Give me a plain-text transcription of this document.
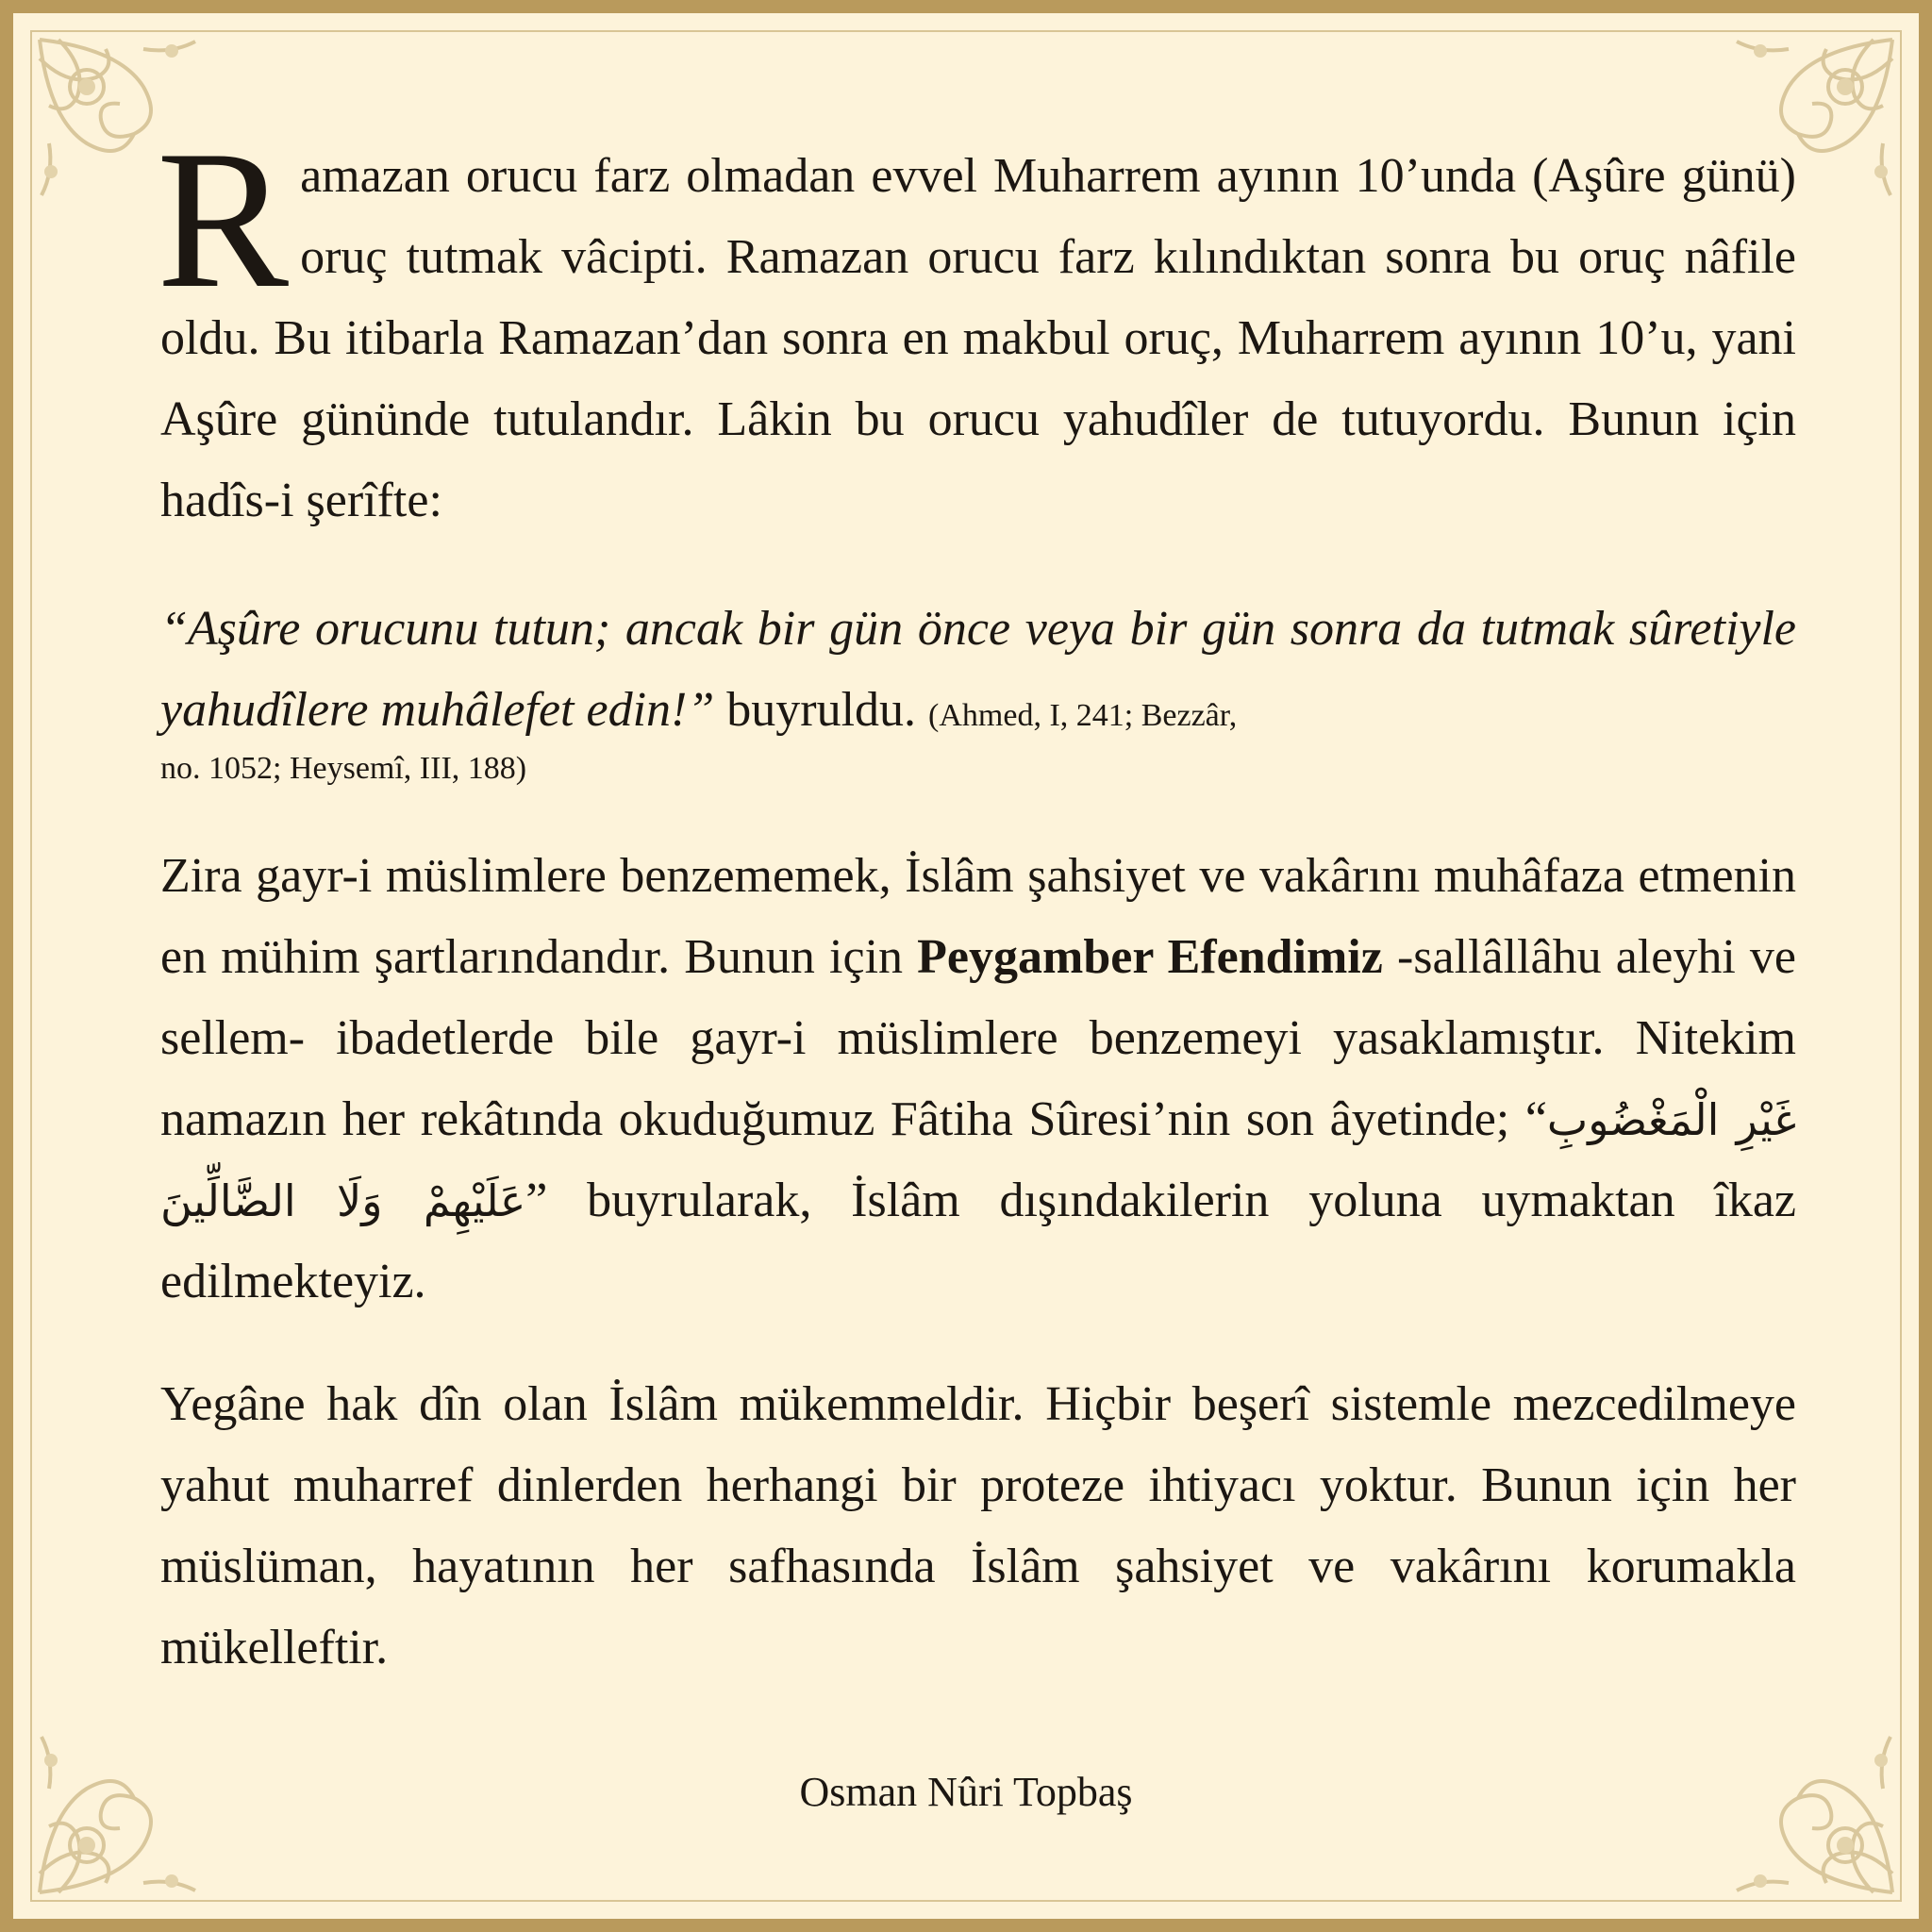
Ramazan orucu farz olmadan evvel Muharrem ayının 10’unda (Aşûre günü) oruç tutmak vâcipti. Ramazan orucu farz kılındıktan sonra bu oruç nâfile oldu. Bu itibarla Ramazan’dan sonra en makbul oruç, Muharrem ayının 10’u, yani Aşûre gününde tutulandır. Lâkin bu orucu yahudîler de tutuyordu. Bunun için hadîs-i şerîfte:

“Aşûre orucunu tutun; ancak bir gün önce veya bir gün sonra da tutmak sûretiyle yahudîlere muhâlefet edin!” buyruldu. (Ahmed, I, 241; Bezzâr,
no. 1052; Heysemî, III, 188)

Zira gayr-i müslimlere benzememek, İslâm şahsiyet ve vakârını muhâfaza etmenin en mühim şartlarındandır. Bunun için Peygamber Efendimiz -sallâllâhu aleyhi ve sellem- ibadetlerde bile gayr-i müslimlere benzemeyi yasaklamıştır. Nitekim namazın her rekâtında okuduğumuz Fâtiha Sûresi’nin son âyetinde; “غَيْرِ الْمَغْضُوبِ عَلَيْهِمْ وَلَا الضَّالِّينَ” buyrularak, İslâm dışındakilerin yoluna uymaktan îkaz edilmekteyiz.

Yegâne hak dîn olan İslâm mükemmeldir. Hiçbir beşerî sistemle mezcedilmeye yahut muharref dinlerden herhangi bir proteze ihtiyacı yoktur. Bunun için her müslüman, hayatının her safhasında İslâm şahsiyet ve vakârını korumakla mükelleftir.

Osman Nûri Topbaş
